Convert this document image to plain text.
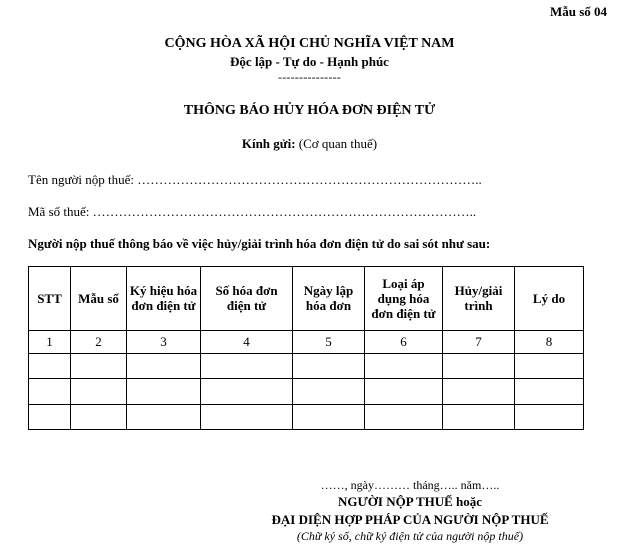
Mẫu số 04
CỘNG HÒA XÃ HỘI CHỦ NGHĨA VIỆT NAM
Độc lập - Tự do - Hạnh phúc
---------------
THÔNG BÁO HỦY HÓA ĐƠN ĐIỆN TỬ
Kính gửi: (Cơ quan thuế)
Tên người nộp thuế: ……………………………………………………………………..
Mã số thuế: ……………………………………………………………………………..
Người nộp thuế thông báo về việc hủy/giải trình hóa đơn điện tử do sai sót như sau:
STT	Mẫu số	Ký hiệu hóa đơn điện tử	Số hóa đơn điện tử	Ngày lập hóa đơn	Loại áp dụng hóa đơn điện tử	Hủy/giải trình	Lý do
1	2	3	4	5	6	7	8

……, ngày……… tháng….. năm…..
NGƯỜI NỘP THUẾ hoặc
ĐẠI DIỆN HỢP PHÁP CỦA NGƯỜI NỘP THUẾ
(Chữ ký số, chữ ký điện tử của người nộp thuế)
